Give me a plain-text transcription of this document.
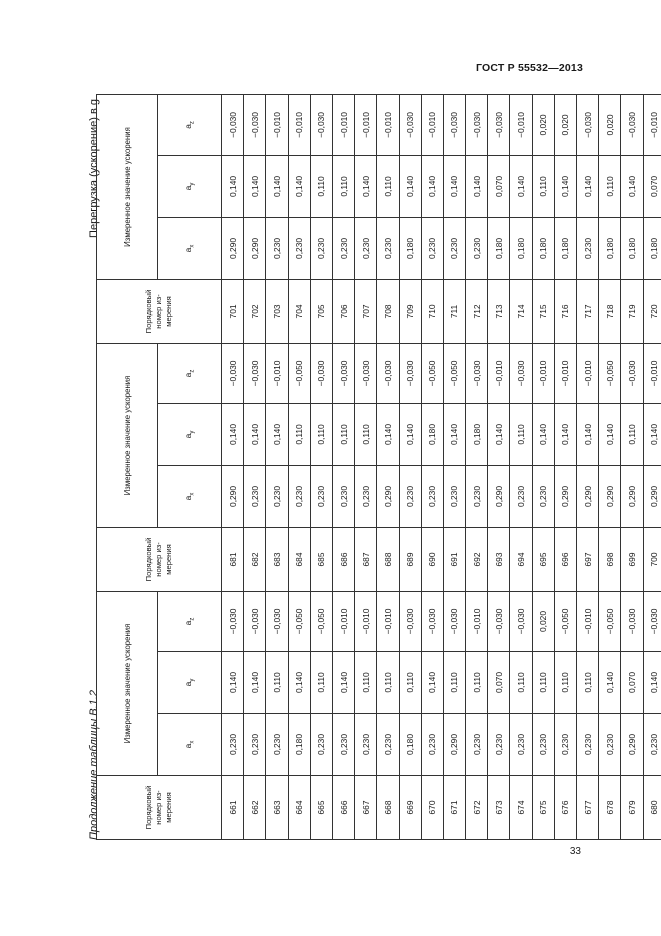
ГОСТ Р 55532—2013
Продолжение таблицы В.1.2
Перегрузка (ускорение) в g
Порядковый номер из- мерения	Измеренное значение ускорения			Порядковый номер из- мерения	Измеренное значение ускорения			Порядковый номер из- мерения	Измеренное значение ускорения		
	$a_x$	$a_y$	$a_z$		$a_x$	$a_y$	$a_z$		$a_x$	$a_y$	$a_z$
661	0,230	0,140	−0,030	681	0,290	0,140	−0,030	701	0,290	0,140	−0,030
662	0,230	0,140	−0,030	682	0,230	0,140	−0,030	702	0,290	0,140	−0,030
663	0,230	0,110	−0,030	683	0,230	0,140	−0,010	703	0,230	0,140	−0,010
664	0,180	0,140	−0,050	684	0,230	0,110	−0,050	704	0,230	0,140	−0,010
665	0,230	0,110	−0,050	685	0,230	0,110	−0,030	705	0,230	0,110	−0,030
666	0,230	0,140	−0,010	686	0,230	0,110	−0,030	706	0,230	0,110	−0,010
667	0,230	0,110	−0,010	687	0,230	0,110	−0,030	707	0,230	0,140	−0,010
668	0,230	0,110	−0,010	688	0,290	0,140	−0,030	708	0,230	0,110	−0,010
669	0,180	0,110	−0,030	689	0,230	0,140	−0,030	709	0,180	0,140	−0,030
670	0,230	0,140	−0,030	690	0,230	0,180	−0,050	710	0,230	0,140	−0,010
671	0,290	0,110	−0,030	691	0,230	0,140	−0,050	711	0,230	0,140	−0,030
672	0,230	0,110	−0,010	692	0,230	0,180	−0,030	712	0,230	0,140	−0,030
673	0,230	0,070	−0,030	693	0,290	0,140	−0,010	713	0,180	0,070	−0,030
674	0,230	0,110	−0,030	694	0,230	0,110	−0,030	714	0,180	0,140	−0,010
675	0,230	0,110	0,020	695	0,230	0,140	−0,010	715	0,180	0,110	0,020
676	0,230	0,110	−0,050	696	0,290	0,140	−0,010	716	0,180	0,140	0,020
677	0,230	0,110	−0,010	697	0,290	0,140	−0,010	717	0,230	0,140	−0,030
678	0,230	0,140	−0,050	698	0,290	0,140	−0,050	718	0,180	0,110	0,020
679	0,290	0,070	−0,030	699	0,290	0,110	−0,030	719	0,180	0,140	−0,030
680	0,230	0,140	−0,030	700	0,290	0,140	−0,010	720	0,180	0,070	−0,010
33
